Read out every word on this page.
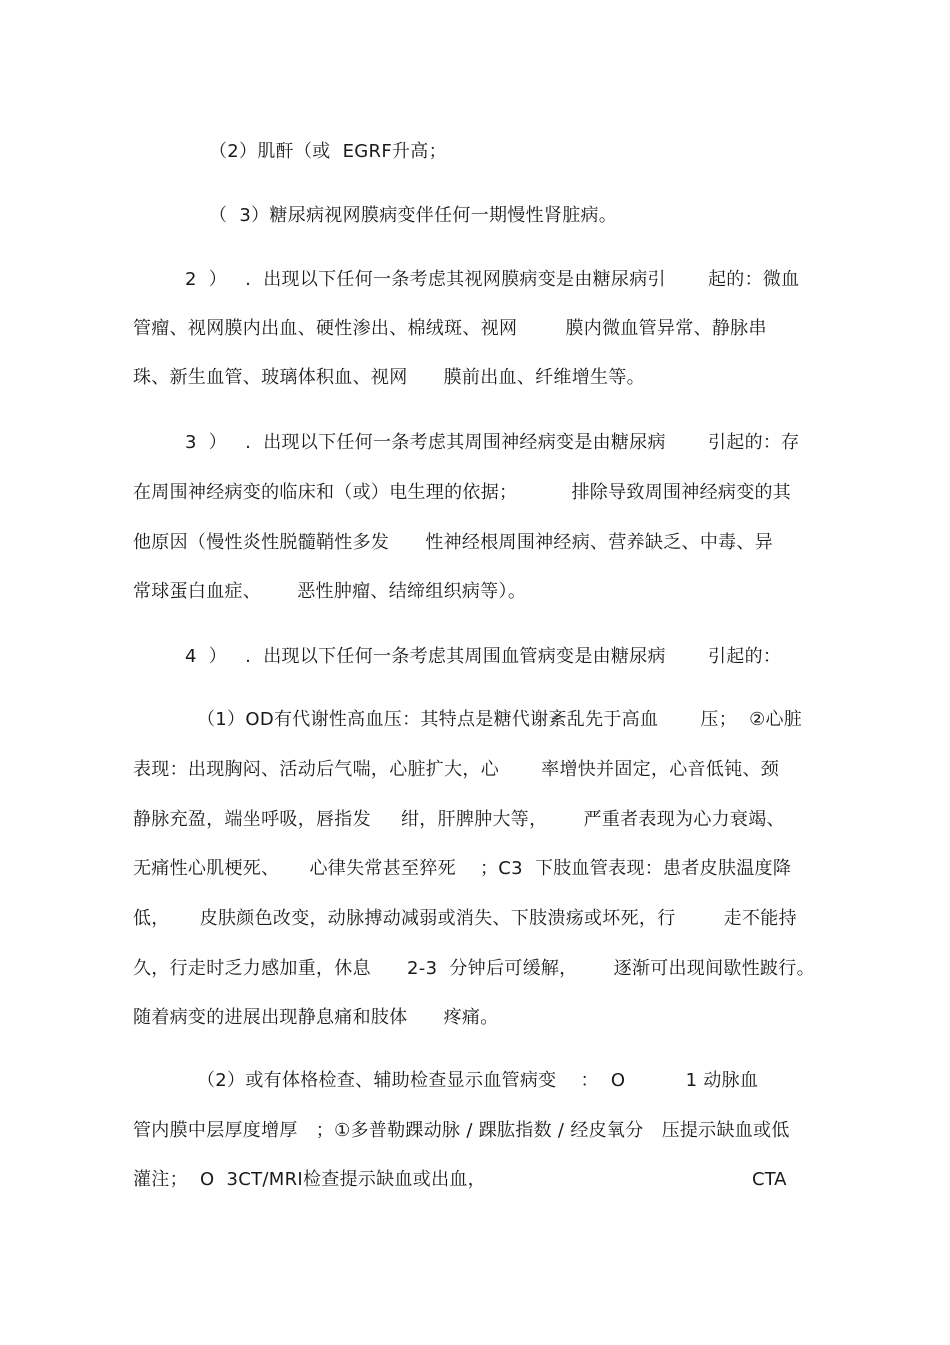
（2）肌酐（或  EGRF升高；
（  3）糖尿病视网膜病变伴任何一期慢性肾脏病。
2  ）   .  出现以下任何一条考虑其视网膜病变是由糖尿病引       起的：微血
管瘤、视网膜内出血、硬性渗出、棉绒斑、视网        膜内微血管异常、静脉串
珠、新生血管、玻璃体积血、视网      膜前出血、纤维增生等。
3  ）   .  出现以下任何一条考虑其周围神经病变是由糖尿病       引起的：存
在周围神经病变的临床和（或）电生理的依据；         排除导致周围神经病变的其
他原因（慢性炎性脱髓鞘性多发      性神经根周围神经病、营养缺乏、中毒、异
常球蛋白血症、      恶性肿瘤、结缔组织病等）。
4  ）   .  出现以下任何一条考虑其周围血管病变是由糖尿病       引起的：
（1）OD有代谢性高血压：其特点是糖代谢紊乱先于高血       压；  ②心脏
表现：出现胸闷、活动后气喘，心脏扩大，心       率增快并固定，心音低钝、颈
静脉充盈，端坐呼吸，唇指发     绀，肝脾肿大等，      严重者表现为心力衰竭、
无痛性心肌梗死、     心律失常甚至猝死    ；C3  下肢血管表现：患者皮肤温度降
低，     皮肤颜色改变，动脉搏动减弱或消失、下肢溃疡或坏死，行        走不能持
久，行走时乏力感加重，休息      2-3  分钟后可缓解，      逐渐可出现间歇性跛行。
随着病变的进展出现静息痛和肢体      疼痛。
（2）或有体格检查、辅助检查显示血管病变    ：  O          1 动脉血
管内膜中层厚度增厚   ；①多普勒踝动脉 / 踝肱指数 / 经皮氧分   压提示缺血或低
灌注；  O  3CT/MRI检查提示缺血或出血，	CTA
